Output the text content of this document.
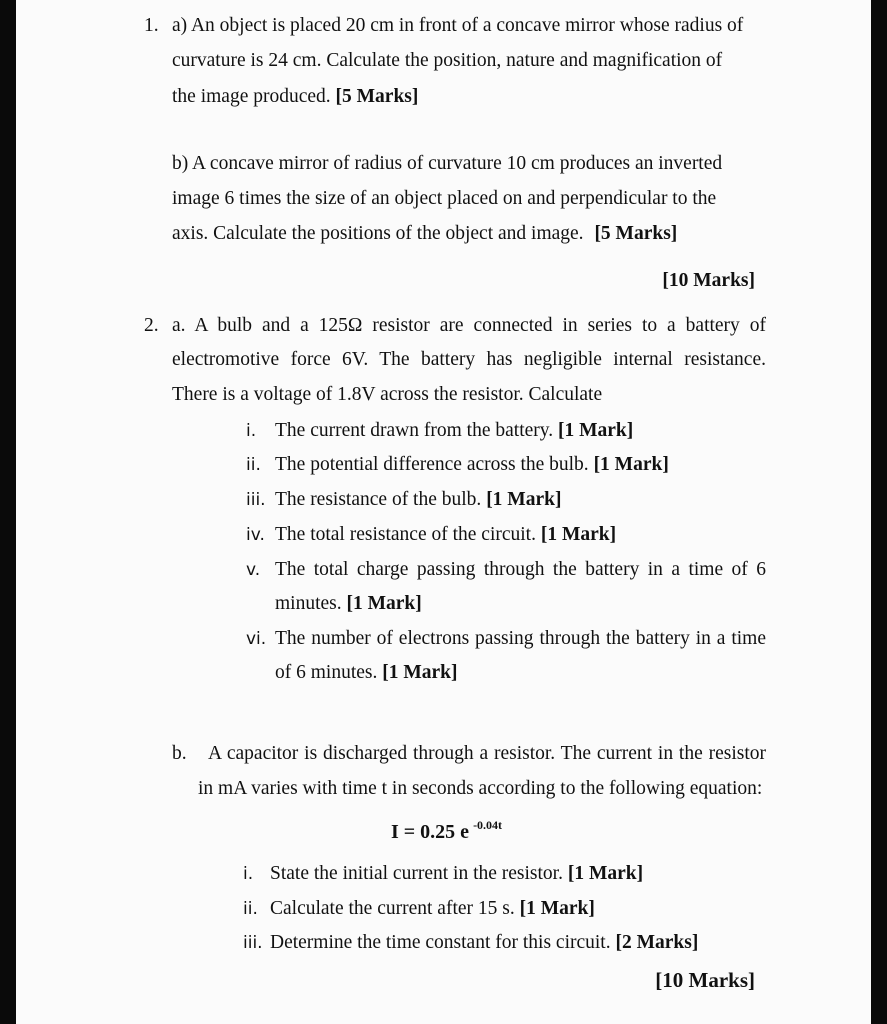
1. a) An object is placed 20 cm in front of a concave mirror whose radius of
curvature is 24 cm. Calculate the position, nature and magnification of
the image produced. [5 Marks]
b) A concave mirror of radius of curvature 10 cm produces an inverted
image 6 times the size of an object placed on and perpendicular to the
axis. Calculate the positions of the object and image. [5 Marks]
[10 Marks]
2. a. A bulb and a 125Ω resistor are connected in series to a battery of
electromotive force 6V. The battery has negligible internal resistance.
There is a voltage of 1.8V across the resistor. Calculate
i. The current drawn from the battery. [1 Mark]
ii. The potential difference across the bulb. [1 Mark]
iii. The resistance of the bulb. [1 Mark]
iv. The total resistance of the circuit. [1 Mark]
v. The total charge passing through the battery in a time of 6
minutes. [1 Mark]
vi. The number of electrons passing through the battery in a time
of 6 minutes. [1 Mark]
b. A capacitor is discharged through a resistor. The current in the resistor
in mA varies with time t in seconds according to the following equation:
I = 0.25 e $^{-0.04t}$
i. State the initial current in the resistor. [1 Mark]
ii. Calculate the current after 15 s. [1 Mark]
iii. Determine the time constant for this circuit. [2 Marks]
[10 Marks]
